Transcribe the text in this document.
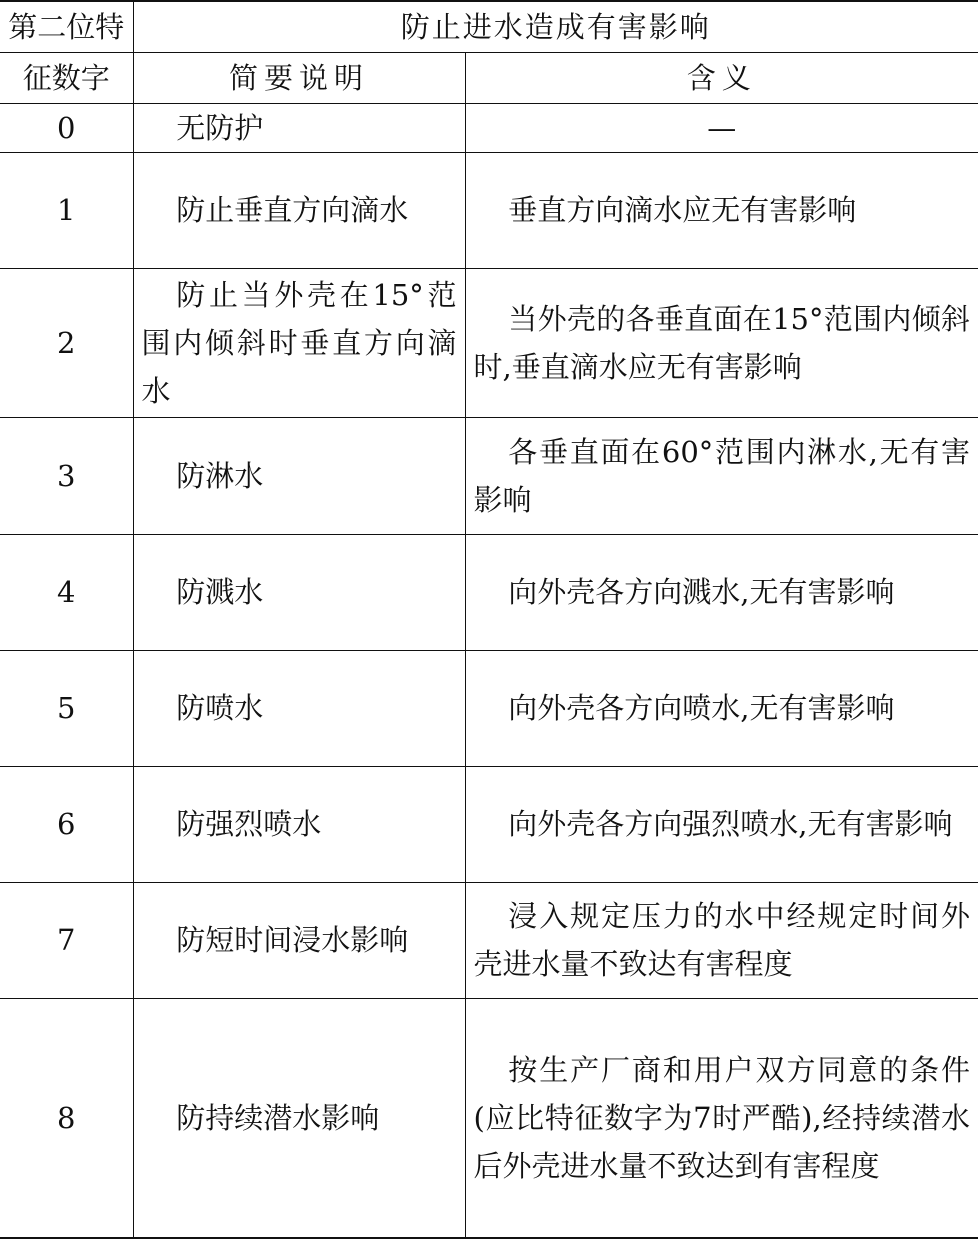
第二位特	防止进水造成有害影响	
征数字	简要说明	含义
0	无防护	—
1	防止垂直方向滴水	垂直方向滴水应无有害影响
2	防止当外壳在15°范围内倾斜时垂直方向滴水	当外壳的各垂直面在15°范围内倾斜时,垂直滴水应无有害影响
3	防淋水	各垂直面在60°范围内淋水,无有害影响
4	防溅水	向外壳各方向溅水,无有害影响
5	防喷水	向外壳各方向喷水,无有害影响
6	防强烈喷水	向外壳各方向强烈喷水,无有害影响
7	防短时间浸水影响	浸入规定压力的水中经规定时间外壳进水量不致达有害程度
8	防持续潜水影响	按生产厂商和用户双方同意的条件(应比特征数字为7时严酷),经持续潜水后外壳进水量不致达到有害程度
